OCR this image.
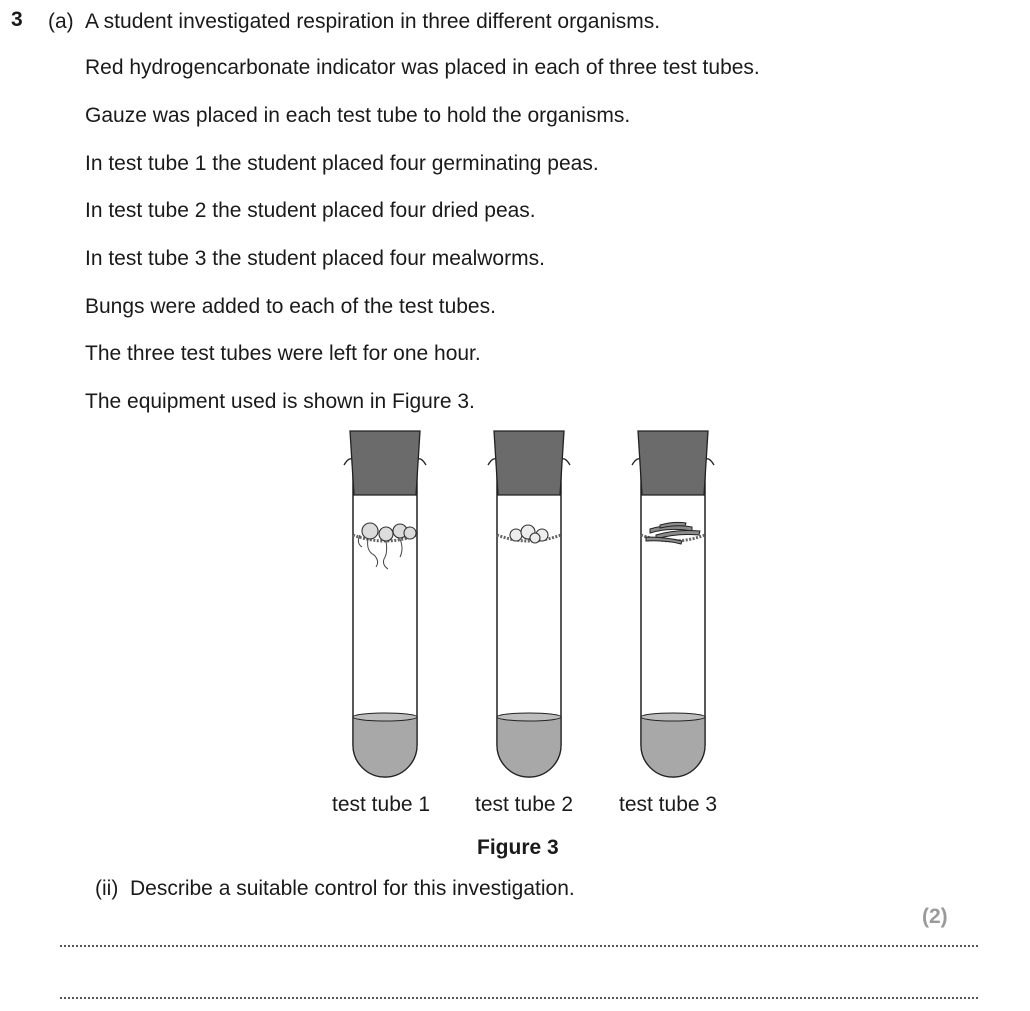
3 (a) A student investigated respiration in three different organisms.
Red hydrogencarbonate indicator was placed in each of three test tubes.
Gauze was placed in each test tube to hold the organisms.
In test tube 1 the student placed four germinating peas.
In test tube 2 the student placed four dried peas.
In test tube 3 the student placed four mealworms.
Bungs were added to each of the test tubes.
The three test tubes were left for one hour.
The equipment used is shown in Figure 3.
test tube 1 test tube 2 test tube 3
Figure 3
(ii) Describe a suitable control for this investigation.
(2)
